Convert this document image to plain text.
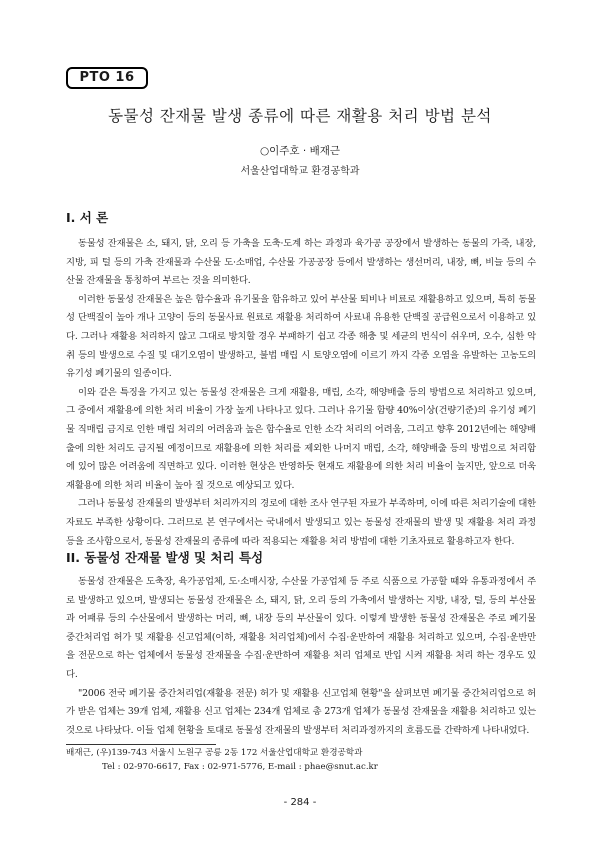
PTO 16
동물성 잔재물 발생 종류에 따른 재활용 처리 방법 분석
○이주호 · 배재근
서울산업대학교 환경공학과
I. 서 론

동물성 잔재물은 소, 돼지, 닭, 오리 등 가축을 도축·도계 하는 과정과 육가공 공장에서 발생하는 동물의 가죽, 내장, 지방, 피 털 등의 가축 잔재물과 수산물 도·소매업, 수산물 가공공장 등에서 발생하는 생선머리, 내장, 뼈, 비늘 등의 수산물 잔재물을 통칭하여 부르는 것을 의미한다.

이러한 동물성 잔재물은 높은 함수율과 유기물을 함유하고 있어 부산물 퇴비나 비료로 재활용하고 있으며, 특히 동물성 단백질이 높아 개나 고양이 등의 동물사료 원료로 재활용 처리하여 사료내 유용한 단백질 공급원으로서 이용하고 있다. 그러나 재활용 처리하지 않고 그대로 방치할 경우 부패하기 쉽고 각종 해충 및 세균의 번식이 쉬우며, 오수, 심한 악취 등의 발생으로 수질 및 대기오염이 발생하고, 불법 매립 시 토양오염에 이르기 까지 각종 오염을 유발하는 고농도의 유기성 폐기물의 일종이다.

이와 같은 특징을 가지고 있는 동물성 잔재물은 크게 재활용, 매립, 소각, 해양배출 등의 방법으로 처리하고 있으며, 그 중에서 재활용에 의한 처리 비율이 가장 높게 나타나고 있다. 그러나 유기물 함량 40%이상(건량기준)의 유기성 폐기물 직매립 금지로 인한 매립 처리의 어려움과 높은 함수율로 인한 소각 처리의 어려움, 그리고 향후 2012년에는 해양배출에 의한 처리도 금지될 예정이므로 재활용에 의한 처리를 제외한 나머지 매립, 소각, 해양배출 등의 방법으로 처리함에 있어 많은 어려움에 직면하고 있다. 이러한 현상은 반영하듯 현재도 재활용에 의한 처리 비율이 높지만, 앞으로 더욱 재활용에 의한 처리 비율이 높아 질 것으로 예상되고 있다.

그러나 동물성 잔재물의 발생부터 처리까지의 경로에 대한 조사 연구된 자료가 부족하며, 이에 따른 처리기술에 대한 자료도 부족한 상황이다. 그러므로 본 연구에서는 국내에서 발생되고 있는 동물성 잔재물의 발생 및 재활용 처리 과정 등을 조사함으로서, 동물성 잔재물의 종류에 따라 적용되는 재활용 처리 방법에 대한 기초자료로 활용하고자 한다.

II. 동물성 잔재물 발생 및 처리 특성

동물성 잔재물은 도축장, 육가공업체, 도·소매시장, 수산물 가공업체 등 주로 식품으로 가공할 때와 유통과정에서 주로 발생하고 있으며, 발생되는 동물성 잔재물은 소, 돼지, 닭, 오리 등의 가축에서 발생하는 지방, 내장, 털, 등의 부산물과 어패류 등의 수산물에서 발생하는 머리, 뼈, 내장 등의 부산물이 있다. 이렇게 발생한 동물성 잔재물은 주로 폐기물 중간처리업 허가 및 재활용 신고업체(이하, 재활용 처리업체)에서 수집·운반하여 재활용 처리하고 있으며, 수집·운반만을 전문으로 하는 업체에서 동물성 잔재물을 수집·운반하여 재활용 처리 업체로 반입 시켜 재활용 처리 하는 경우도 있다.

"2006 전국 폐기물 중간처리업(재활용 전문) 허가 및 재활용 신고업체 현황"을 살펴보면 폐기물 중간처리업으로 허가 받은 업체는 39개 업체, 재활용 신고 업체는 234개 업체로 총 273개 업체가 동물성 잔재물을 재활용 처리하고 있는 것으로 나타났다. 이들 업체 현황을 토대로 동물성 잔재물의 발생부터 처리과정까지의 흐름도를 간략하게 나타내었다.

배재근, (우)139-743 서울시 노원구 공릉 2동 172 서울산업대학교 환경공학과
Tel : 02-970-6617, Fax : 02-971-5776, E-mail : phae@snut.ac.kr
- 284 -
